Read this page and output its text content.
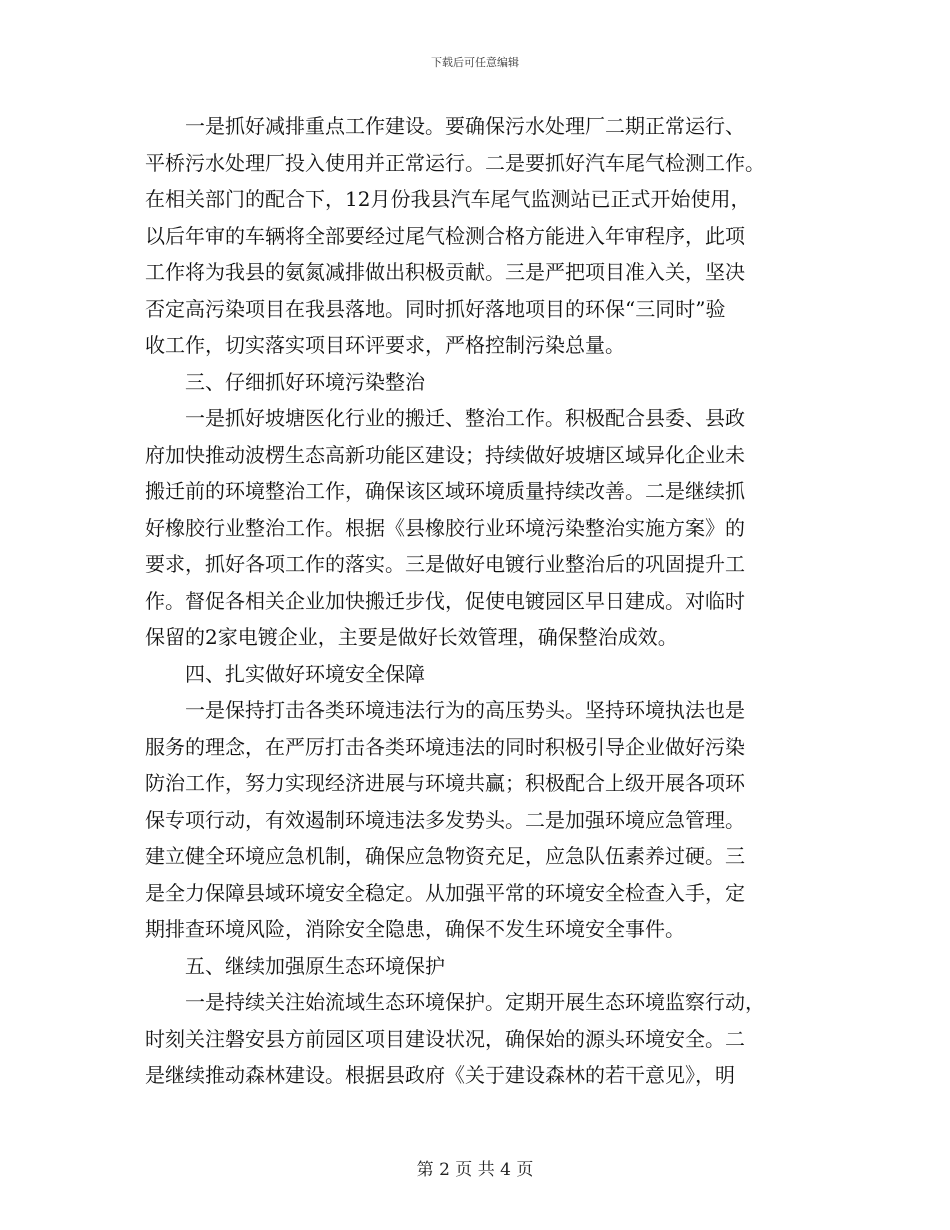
下载后可任意编辑
一是抓好减排重点工作建设。要确保污水处理厂二期正常运行、
平桥污水处理厂投入使用并正常运行。二是要抓好汽车尾气检测工作。
在相关部门的配合下，12月份我县汽车尾气监测站已正式开始使用，
以后年审的车辆将全部要经过尾气检测合格方能进入年审程序，此项
工作将为我县的氨氮减排做出积极贡献。三是严把项目准入关，坚决
否定高污染项目在我县落地。同时抓好落地项目的环保“三同时”验
收工作，切实落实项目环评要求，严格控制污染总量。
三、仔细抓好环境污染整治
一是抓好坡塘医化行业的搬迁、整治工作。积极配合县委、县政
府加快推动波楞生态高新功能区建设；持续做好坡塘区域异化企业未
搬迁前的环境整治工作，确保该区域环境质量持续改善。二是继续抓
好橡胶行业整治工作。根据《县橡胶行业环境污染整治实施方案》的
要求，抓好各项工作的落实。三是做好电镀行业整治后的巩固提升工
作。督促各相关企业加快搬迁步伐，促使电镀园区早日建成。对临时
保留的2家电镀企业，主要是做好长效管理，确保整治成效。
四、扎实做好环境安全保障
一是保持打击各类环境违法行为的高压势头。坚持环境执法也是
服务的理念，在严厉打击各类环境违法的同时积极引导企业做好污染
防治工作，努力实现经济进展与环境共赢；积极配合上级开展各项环
保专项行动，有效遏制环境违法多发势头。二是加强环境应急管理。
建立健全环境应急机制，确保应急物资充足，应急队伍素养过硬。三
是全力保障县域环境安全稳定。从加强平常的环境安全检查入手，定
期排查环境风险，消除安全隐患，确保不发生环境安全事件。
五、继续加强原生态环境保护
一是持续关注始流域生态环境保护。定期开展生态环境监察行动，
时刻关注磐安县方前园区项目建设状况，确保始的源头环境安全。二
是继续推动森林建设。根据县政府《关于建设森林的若干意见》，明
第 2 页 共 4 页
